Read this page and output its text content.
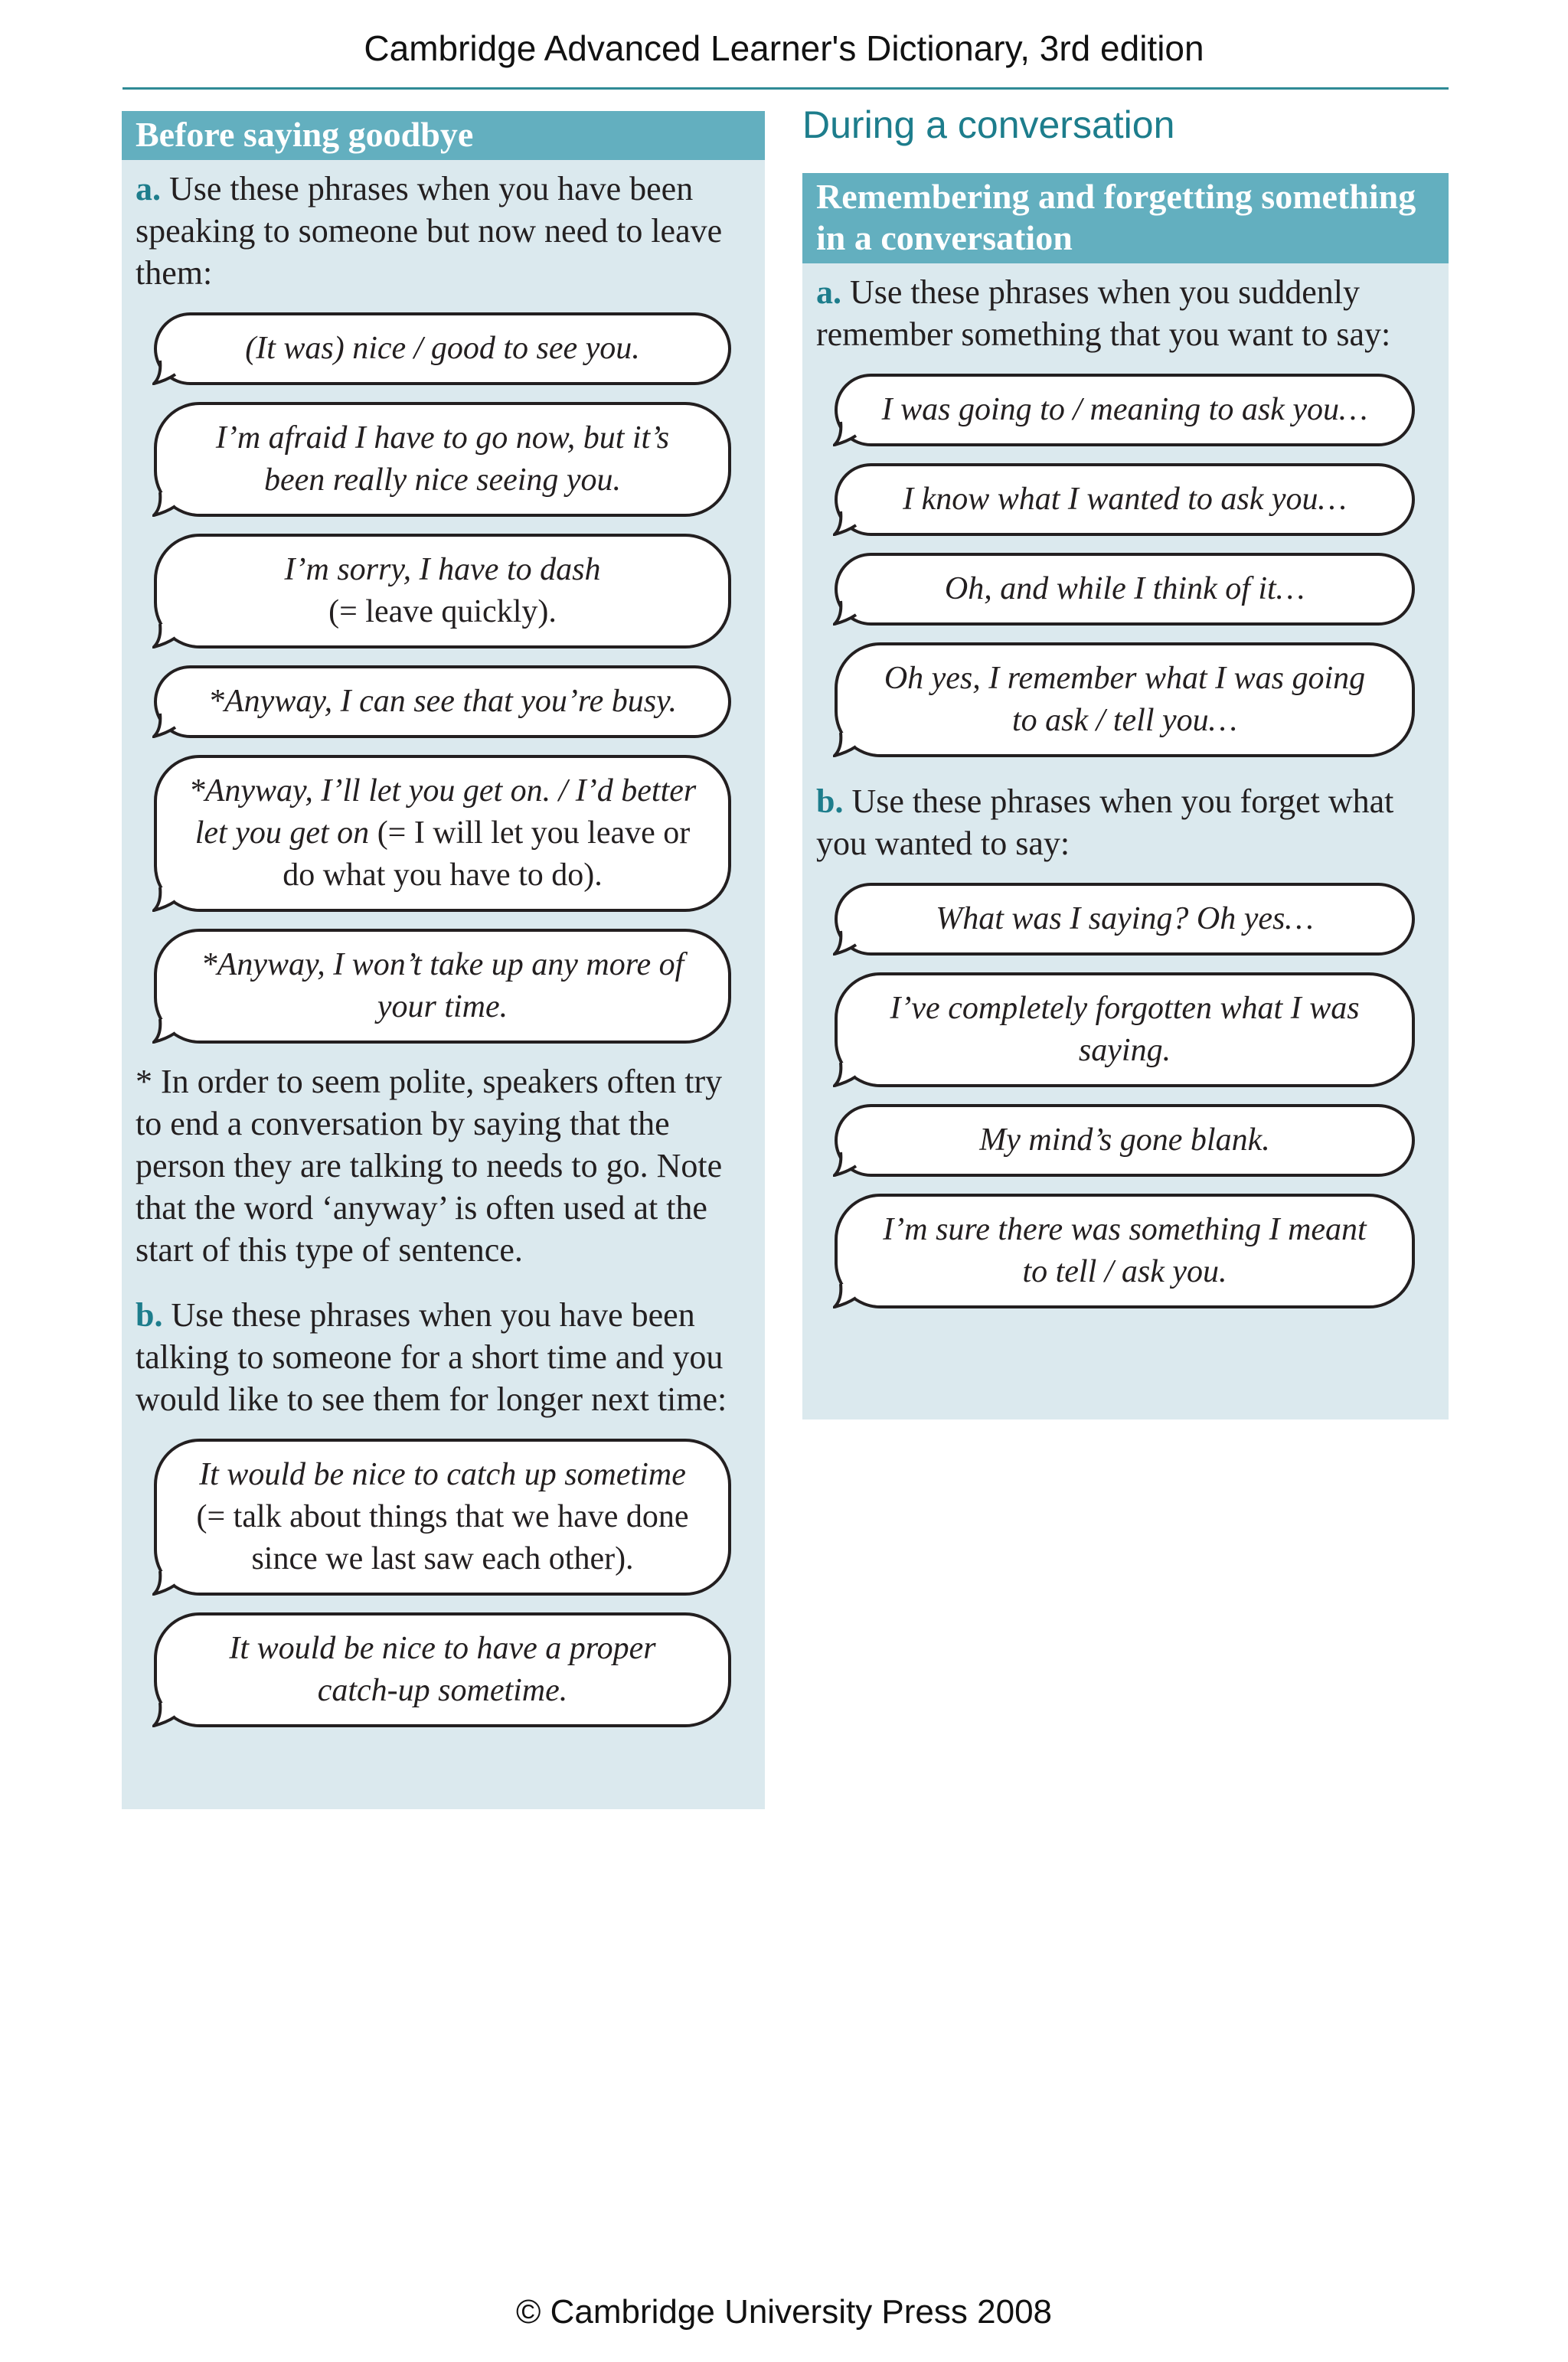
Cambridge Advanced Learner's Dictionary, 3rd edition
Before saying goodbye

a. Use these phrases when you have been speaking to someone but now need to leave them:

(It was) nice / good to see you.
I’m afraid I have to go now, but it’s been really nice seeing you.
I’m sorry, I have to dash
(= leave quickly).
*Anyway, I can see that you’re busy.
*Anyway, I’ll let you get on. / I’d better let you get on (= I will let you leave or do what you have to do).
*Anyway, I won’t take up any more of your time.

* In order to seem polite, speakers often try to end a conversation by saying that the person they are talking to needs to go. Note that the word ‘anyway’ is often used at the start of this type of sentence.

b. Use these phrases when you have been talking to someone for a short time and you would like to see them for longer next time:

It would be nice to catch up sometime
(= talk about things that we have done since we last saw each other).
It would be nice to have a proper catch-up sometime.
During a conversation
Remembering and forgetting something in a conversation

a. Use these phrases when you suddenly remember something that you want to say:

I was going to / meaning to ask you…
I know what I wanted to ask you…
Oh, and while I think of it…
Oh yes, I remember what I was going to ask / tell you…

b. Use these phrases when you forget what you wanted to say:

What was I saying? Oh yes…
I’ve completely forgotten what I was saying.
My mind’s gone blank.
I’m sure there was something I meant to tell / ask you.
© Cambridge University Press 2008
